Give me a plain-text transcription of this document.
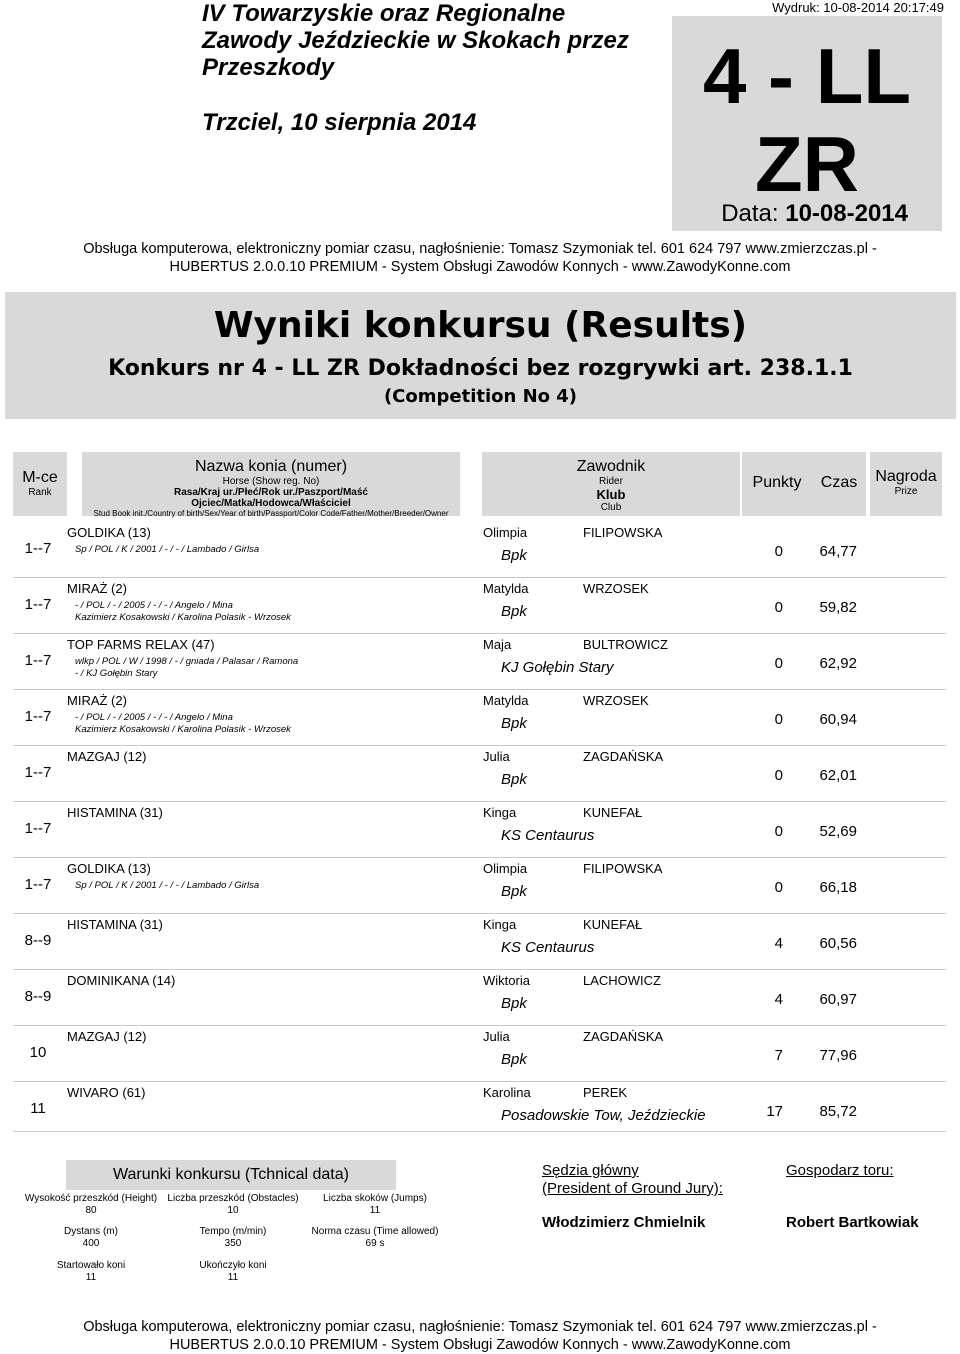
IV Towarzyskie oraz Regionalne
Zawody Jeździeckie w Skokach przez
Przeszkody
Trzciel, 10 sierpnia 2014
Wydruk: 10-08-2014 20:17:49
4 - LL
ZR
Data: 10-08-2014
Obsługa komputerowa, elektroniczny pomiar czasu, nagłośnienie: Tomasz Szymoniak tel. 601 624 797 www.zmierzczas.pl -
HUBERTUS 2.0.0.10 PREMIUM - System Obsługi Zawodów Konnych - www.ZawodyKonne.com
Wyniki konkursu (Results)
Konkurs nr 4 - LL ZR Dokładności bez rozgrywki art. 238.1.1
(Competition No 4)
M-ce
Rank
Nazwa konia (numer)
Horse (Show reg. No)
Rasa/Kraj ur./Płeć/Rok ur./Paszport/Maść
Ojciec/Matka/Hodowca/Właściciel
Stud Book init./Country of birth/Sex/Year of birth/Passport/Color Code/Father/Mother/Breeder/Owner
Zawodnik
Rider
Klub
Club
Punkty	Czas	Nagroda
Prize
1--7
GOLDIKA (13)
Sp / POL / K / 2001 / - / - / Lambado / Girlsa
Olimpia	FILIPOWSKA
Bpk	0	64,77
1--7
MIRAŻ (2)
- / POL / - / 2005 / - / - / Angelo / Mina
Kazimierz Kosakowski / Karolina Polasik - Wrzosek
Matylda	WRZOSEK
Bpk	0	59,82
1--7
TOP FARMS RELAX (47)
wlkp / POL / W / 1998 / - / gniada / Palasar / Ramona
- / KJ Gołębin Stary
Maja	BULTROWICZ
KJ Gołębin Stary	0	62,92
1--7
MIRAŻ (2)
- / POL / - / 2005 / - / - / Angelo / Mina
Kazimierz Kosakowski / Karolina Polasik - Wrzosek
Matylda	WRZOSEK
Bpk	0	60,94
1--7
MAZGAJ (12)	Julia	ZAGDAŃSKA
Bpk	0	62,01
1--7
HISTAMINA (31)	Kinga	KUNEFAŁ
KS Centaurus	0	52,69
1--7
GOLDIKA (13)
Sp / POL / K / 2001 / - / - / Lambado / Girlsa
Olimpia	FILIPOWSKA
Bpk	0	66,18
8--9
HISTAMINA (31)	Kinga	KUNEFAŁ
KS Centaurus	4	60,56
8--9
DOMINIKANA (14)	Wiktoria	LACHOWICZ
Bpk	4	60,97
10
MAZGAJ (12)	Julia	ZAGDAŃSKA
Bpk	7	77,96
11
WIVARO (61)	Karolina	PEREK
Posadowskie Tow, Jeździeckie	17	85,72
Warunki konkursu (Tchnical data)
Wysokość przeszkód (Height)
80
Liczba przeszkód (Obstacles)
10
Liczba skoków (Jumps)
11
Dystans (m)
400
Tempo (m/min)
350
Norma czasu (Time allowed)
69 s
Startowało koni
11
Ukończyło koni
11
Sędzia główny
(President of Ground Jury):
Włodzimierz Chmielnik
Gospodarz toru:
Robert Bartkowiak
Obsługa komputerowa, elektroniczny pomiar czasu, nagłośnienie: Tomasz Szymoniak tel. 601 624 797 www.zmierzczas.pl -
HUBERTUS 2.0.0.10 PREMIUM - System Obsługi Zawodów Konnych - www.ZawodyKonne.com
